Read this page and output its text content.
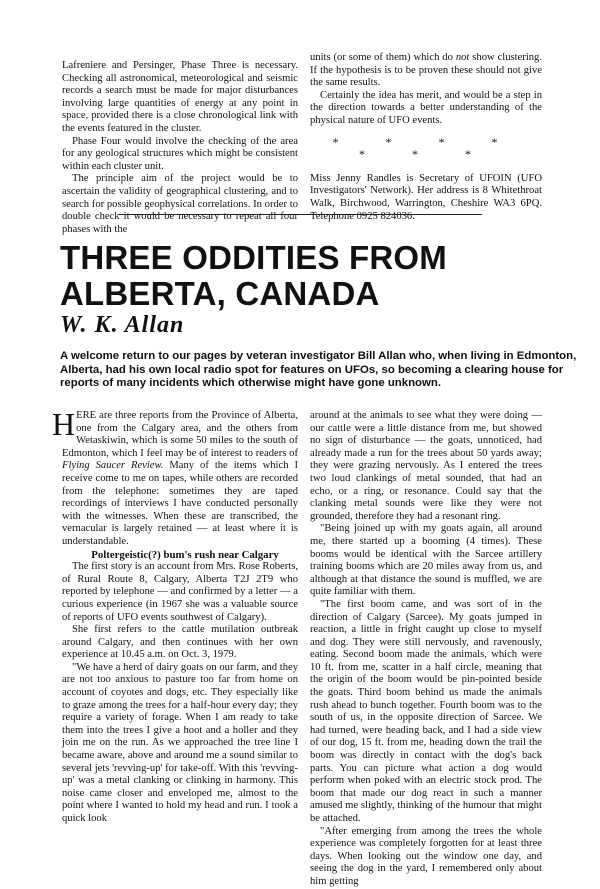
Lafreniere and Persinger, Phase Three is necessary. Checking all astronomical, meteorological and seismic records a search must be made for major disturbances involving large quantities of energy at any point in space, provided there is a close chronological link with the events featured in the cluster.

Phase Four would involve the checking of the area for any geological structures which might be consistent within each cluster unit.

The principle aim of the project would be to ascertain the validity of geographical clustering, and to search for possible geophysical correlations. In order to double check it would be necessary to repeat all four phases with the

units (or some of them) which do not show clustering. If the hypothesis is to be proven these should not give the same results.

Certainly the idea has merit, and would be a step in the direction towards a better understanding of the physical nature of UFO events.

* * * * * * *

Miss Jenny Randles is Secretary of UFOIN (UFO Investigators' Network). Her address is 8 Whitethroat Walk, Birchwood, Warrington, Cheshire WA3 6PQ. Telephone 0925 824036.

THREE ODDITIES FROM ALBERTA, CANADA
W. K. Allan

A welcome return to our pages by veteran investigator Bill Allan who, when living in Edmonton, Alberta, had his own local radio spot for features on UFOs, so becoming a clearing house for reports of many incidents which otherwise might have gone unknown.

HERE are three reports from the Province of Alberta, one from the Calgary area, and the others from Wetaskiwin, which is some 50 miles to the south of Edmonton, which I feel may be of interest to readers of Flying Saucer Review. Many of the items which I receive come to me on tapes, while others are recorded from the telephone: sometimes they are taped recordings of interviews I have conducted personally with the witnesses. When these are transcribed, the vernacular is largely retained — at least where it is understandable.

Poltergeistic(?) bum's rush near Calgary

The first story is an account from Mrs. Rose Roberts, of Rural Route 8, Calgary, Alberta T2J 2T9 who reported by telephone — and confirmed by a letter — a curious experience (in 1967 she was a valuable source of reports of UFO events southwest of Calgary).

She first refers to the cattle mutilation outbreak around Calgary, and then continues with her own experience at 10.45 a.m. on Oct. 3, 1979.

"We have a herd of dairy goats on our farm, and they are not too anxious to pasture too far from home on account of coyotes and dogs, etc. They especially like to graze among the trees for a half-hour every day; they require a variety of forage. When I am ready to take them into the trees I give a hoot and a holler and they join me on the run. As we approached the tree line I became aware, above and around me a sound similar to several jets 'revving-up' for take-off. With this 'revving-up' was a metal clanking or clinking in harmony. This noise came closer and enveloped me, almost to the point where I wanted to hold my head and run. I took a quick look

around at the animals to see what they were doing — our cattle were a little distance from me, but showed no sign of disturbance — the goats, unnoticed, had already made a run for the trees about 50 yards away; they were grazing nervously. As I entered the trees two loud clankings of metal sounded, that had an echo, or a ring, or resonance. Could say that the clanking metal sounds were like they were not grounded, therefore they had a resonant ring.

"Being joined up with my goats again, all around me, there started up a booming (4 times). These booms would be identical with the Sarcee artillery training booms which are 20 miles away from us, and although at that distance the sound is muffled, we are quite familiar with them.

"The first boom came, and was sort of in the direction of Calgary (Sarcee). My goats jumped in reaction, a little in fright caught up close to myself and dog. They were still nervously, and ravenously, eating. Second boom made the animals, which were 10 ft. from me, scatter in a half circle, meaning that the origin of the boom would be pin-pointed beside the goats. Third boom behind us made the animals rush ahead to bunch together. Fourth boom was to the south of us, in the opposite direction of Sarcee. We had turned, were heading back, and I had a side view of our dog, 15 ft. from me, heading down the trail the boom was directly in contact with the dog's back parts. You can picture what action a dog would perform when poked with an electric stock prod. The boom that made our dog react in such a manner amused me slightly, thinking of the humour that might be attached.

"After emerging from among the trees the whole experience was completely forgotten for at least three days. When looking out the window one day, and seeing the dog in the yard, I remembered only about him getting
